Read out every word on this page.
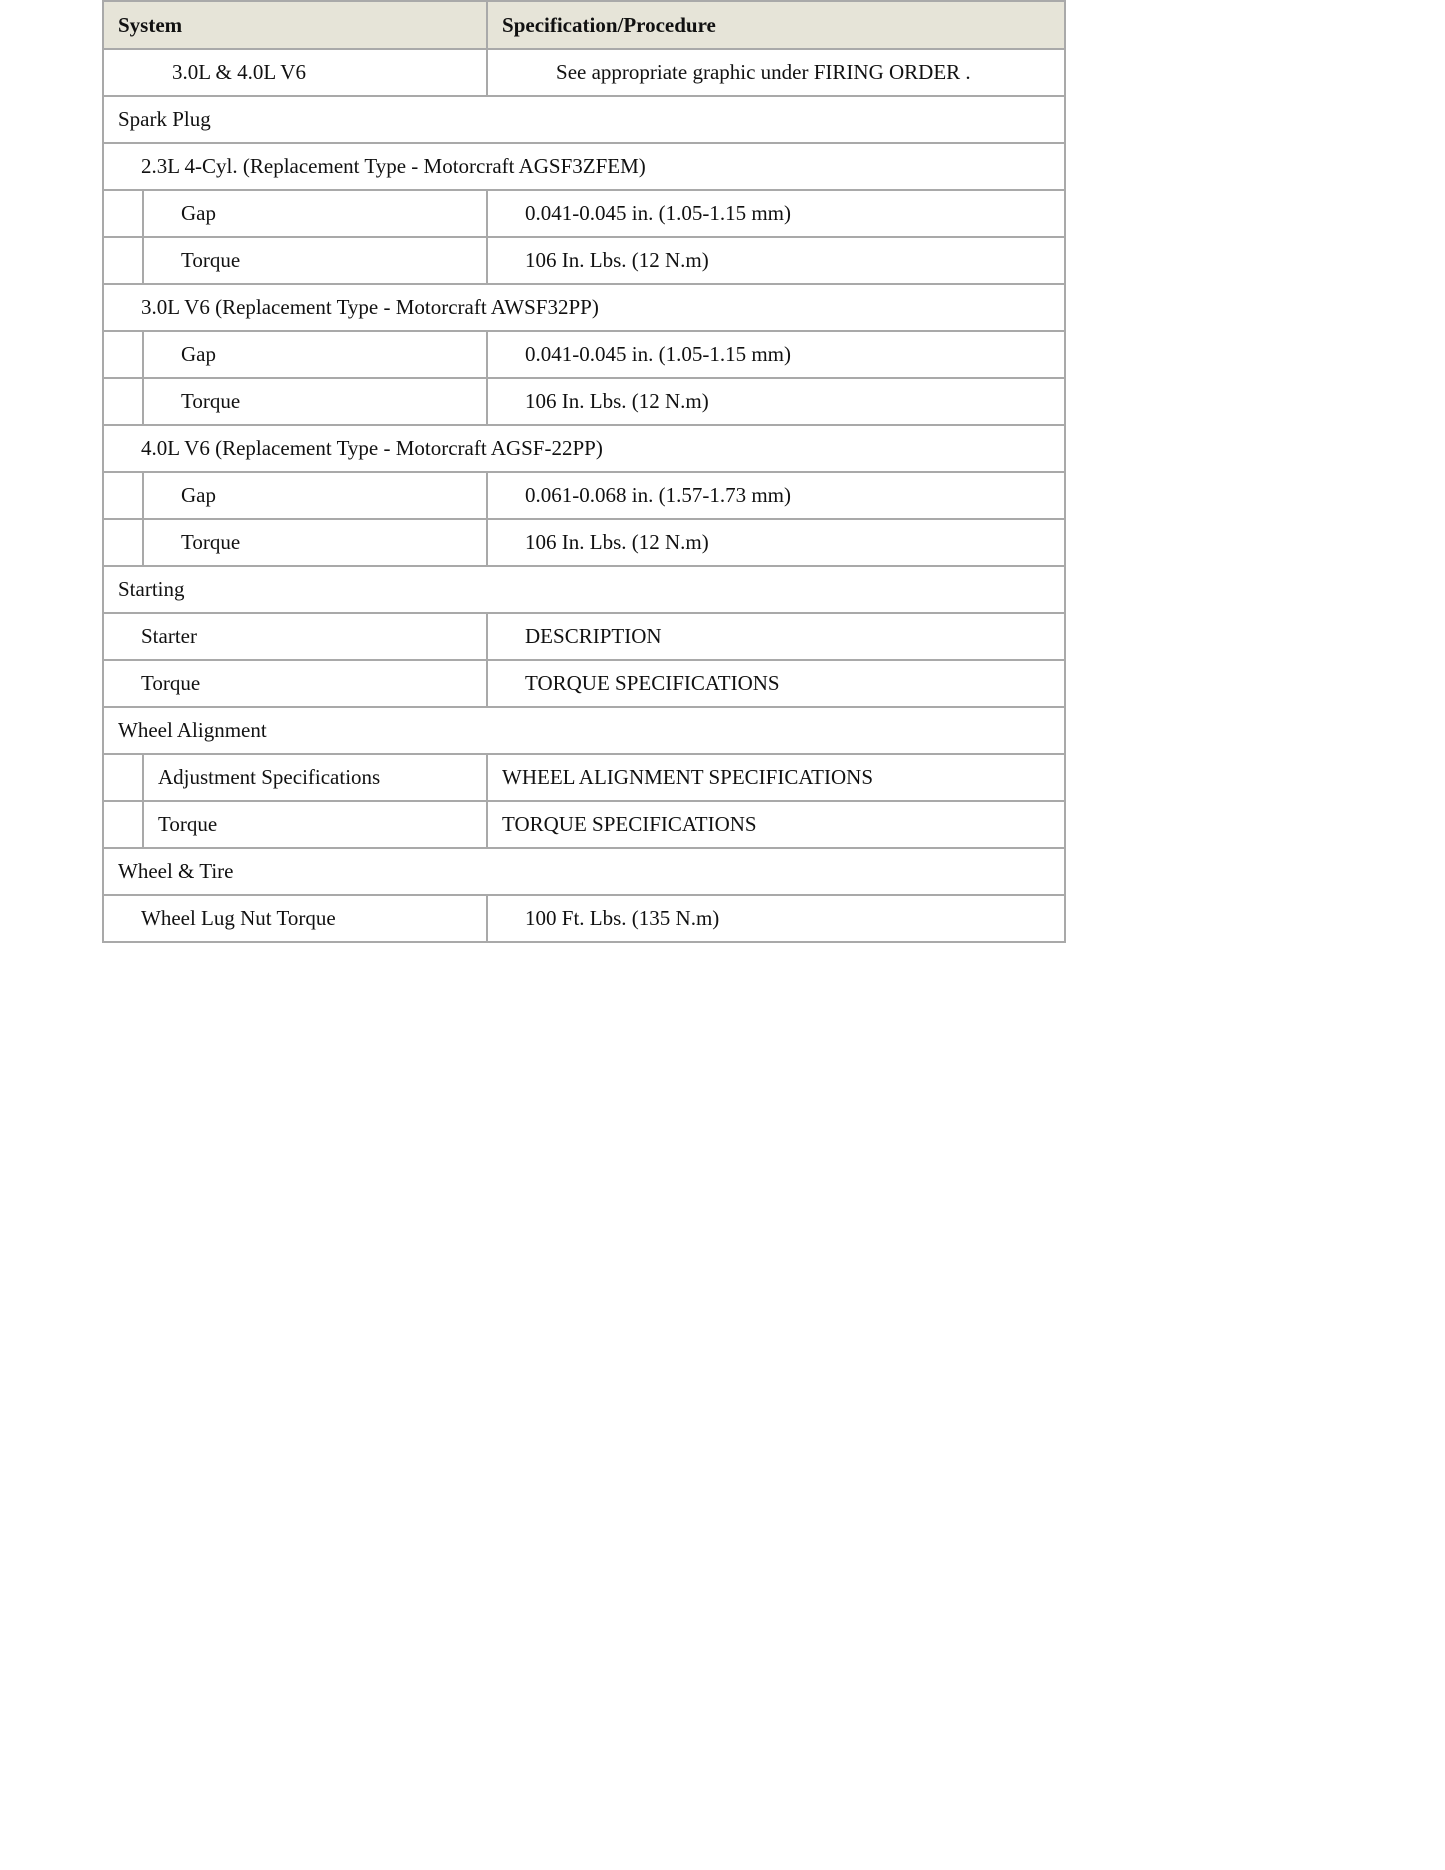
System		Specification/Procedure
3.0L & 4.0L V6		See appropriate graphic under FIRING ORDER .
Spark Plug		
2.3L 4-Cyl. (Replacement Type - Motorcraft AGSF3ZFEM)		
	Gap	0.041-0.045 in. (1.05-1.15 mm)
	Torque	106 In. Lbs. (12 N.m)
3.0L V6 (Replacement Type - Motorcraft AWSF32PP)		
	Gap	0.041-0.045 in. (1.05-1.15 mm)
	Torque	106 In. Lbs. (12 N.m)
4.0L V6 (Replacement Type - Motorcraft AGSF-22PP)		
	Gap	0.061-0.068 in. (1.57-1.73 mm)
	Torque	106 In. Lbs. (12 N.m)
Starting		
Starter		DESCRIPTION
Torque		TORQUE SPECIFICATIONS
Wheel Alignment		
	Adjustment Specifications	WHEEL ALIGNMENT SPECIFICATIONS
	Torque	TORQUE SPECIFICATIONS
Wheel & Tire		
Wheel Lug Nut Torque		100 Ft. Lbs. (135 N.m)
